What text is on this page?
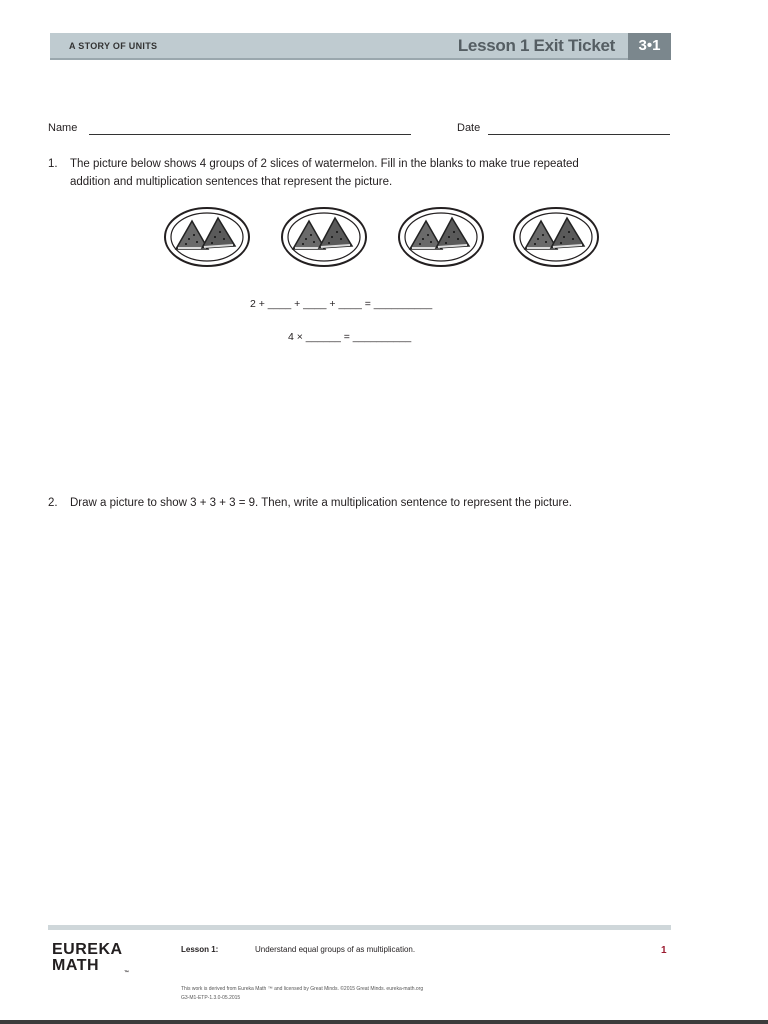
A STORY OF UNITS	Lesson 1 Exit Ticket	3•1
Name	Date
1. The picture below shows 4 groups of 2 slices of watermelon. Fill in the blanks to make true repeated
addition and multiplication sentences that represent the picture.
2 + ____ + ____ + ____ = __________
4 × ______ = __________
2. Draw a picture to show 3 + 3 + 3 = 9. Then, write a multiplication sentence to represent the picture.
EUREKA
MATH	™
Lesson 1:	Understand equal groups of as multiplication.	1
This work is derived from Eureka Math ™ and licensed by Great Minds. ©2015 Great Minds. eureka-math.org
G3-M1-ETP-1.3.0-05.2015
